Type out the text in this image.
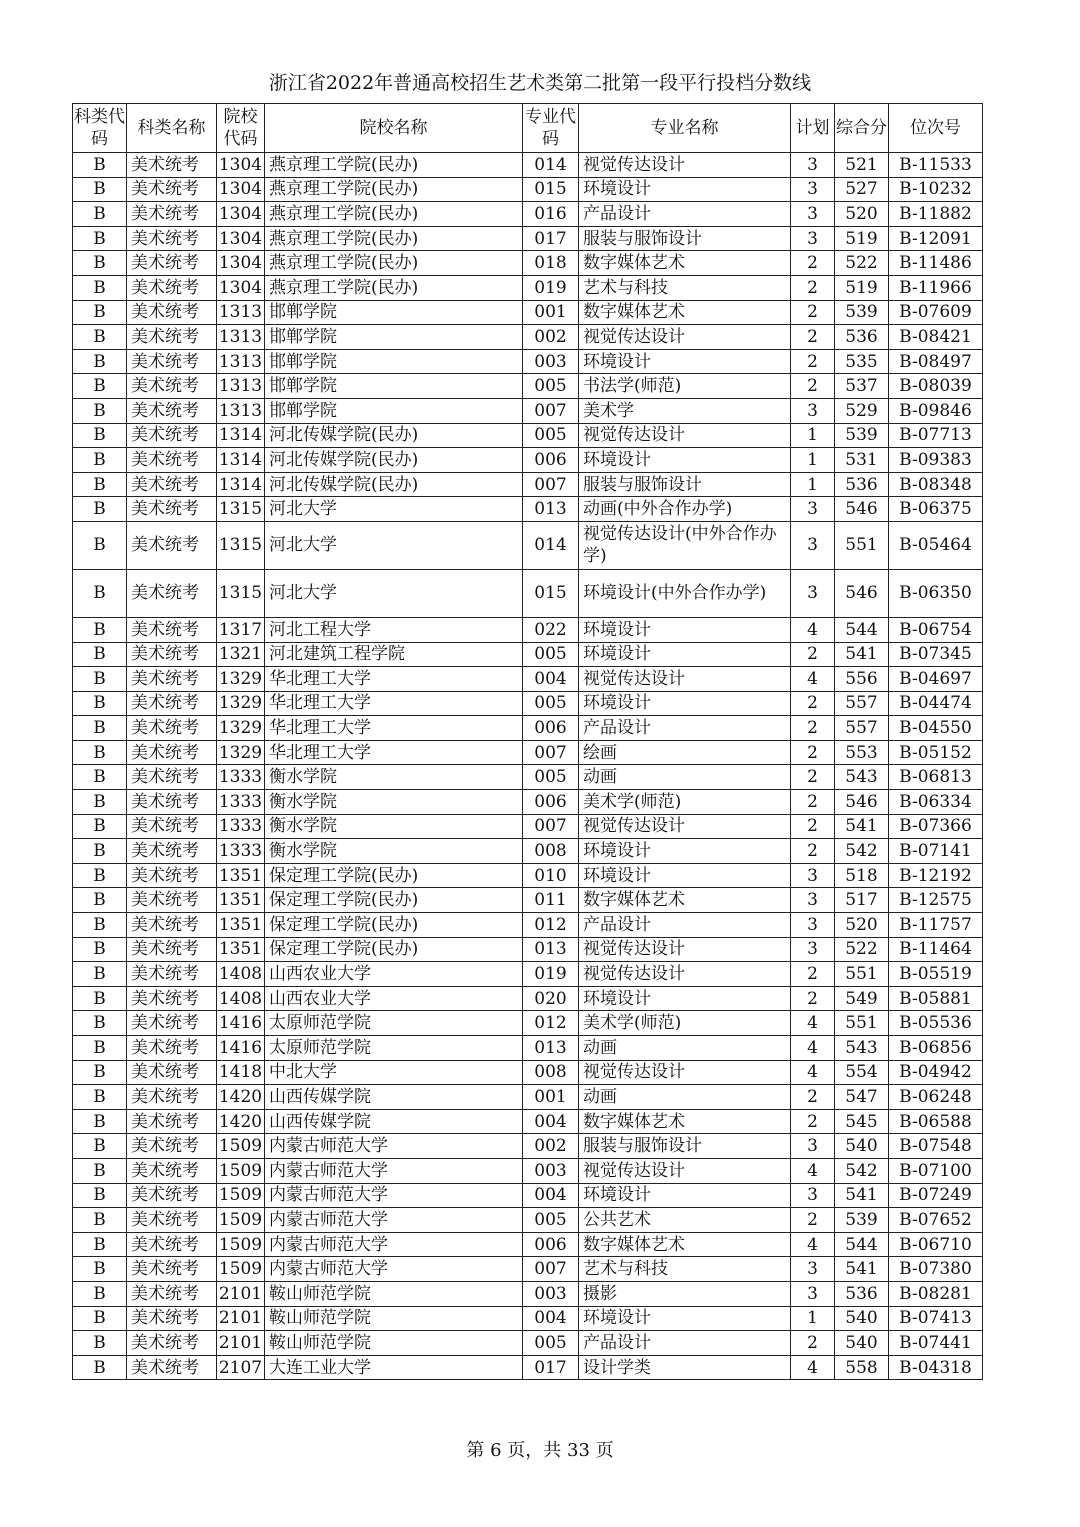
浙江省2022年普通高校招生艺术类第二批第一段平行投档分数线
科类代码	科类名称	院校代码	院校名称	专业代码	专业名称	计划	综合分	位次号
B	美术统考	1304	燕京理工学院(民办)	014	视觉传达设计	3	521	B-11533
B	美术统考	1304	燕京理工学院(民办)	015	环境设计	3	527	B-10232
B	美术统考	1304	燕京理工学院(民办)	016	产品设计	3	520	B-11882
B	美术统考	1304	燕京理工学院(民办)	017	服装与服饰设计	3	519	B-12091
B	美术统考	1304	燕京理工学院(民办)	018	数字媒体艺术	2	522	B-11486
B	美术统考	1304	燕京理工学院(民办)	019	艺术与科技	2	519	B-11966
B	美术统考	1313	邯郸学院	001	数字媒体艺术	2	539	B-07609
B	美术统考	1313	邯郸学院	002	视觉传达设计	2	536	B-08421
B	美术统考	1313	邯郸学院	003	环境设计	2	535	B-08497
B	美术统考	1313	邯郸学院	005	书法学(师范)	2	537	B-08039
B	美术统考	1313	邯郸学院	007	美术学	3	529	B-09846
B	美术统考	1314	河北传媒学院(民办)	005	视觉传达设计	1	539	B-07713
B	美术统考	1314	河北传媒学院(民办)	006	环境设计	1	531	B-09383
B	美术统考	1314	河北传媒学院(民办)	007	服装与服饰设计	1	536	B-08348
B	美术统考	1315	河北大学	013	动画(中外合作办学)	3	546	B-06375
B	美术统考	1315	河北大学	014	视觉传达设计(中外合作办学)	3	551	B-05464
B	美术统考	1315	河北大学	015	环境设计(中外合作办学)	3	546	B-06350
B	美术统考	1317	河北工程大学	022	环境设计	4	544	B-06754
B	美术统考	1321	河北建筑工程学院	005	环境设计	2	541	B-07345
B	美术统考	1329	华北理工大学	004	视觉传达设计	4	556	B-04697
B	美术统考	1329	华北理工大学	005	环境设计	2	557	B-04474
B	美术统考	1329	华北理工大学	006	产品设计	2	557	B-04550
B	美术统考	1329	华北理工大学	007	绘画	2	553	B-05152
B	美术统考	1333	衡水学院	005	动画	2	543	B-06813
B	美术统考	1333	衡水学院	006	美术学(师范)	2	546	B-06334
B	美术统考	1333	衡水学院	007	视觉传达设计	2	541	B-07366
B	美术统考	1333	衡水学院	008	环境设计	2	542	B-07141
B	美术统考	1351	保定理工学院(民办)	010	环境设计	3	518	B-12192
B	美术统考	1351	保定理工学院(民办)	011	数字媒体艺术	3	517	B-12575
B	美术统考	1351	保定理工学院(民办)	012	产品设计	3	520	B-11757
B	美术统考	1351	保定理工学院(民办)	013	视觉传达设计	3	522	B-11464
B	美术统考	1408	山西农业大学	019	视觉传达设计	2	551	B-05519
B	美术统考	1408	山西农业大学	020	环境设计	2	549	B-05881
B	美术统考	1416	太原师范学院	012	美术学(师范)	4	551	B-05536
B	美术统考	1416	太原师范学院	013	动画	4	543	B-06856
B	美术统考	1418	中北大学	008	视觉传达设计	4	554	B-04942
B	美术统考	1420	山西传媒学院	001	动画	2	547	B-06248
B	美术统考	1420	山西传媒学院	004	数字媒体艺术	2	545	B-06588
B	美术统考	1509	内蒙古师范大学	002	服装与服饰设计	3	540	B-07548
B	美术统考	1509	内蒙古师范大学	003	视觉传达设计	4	542	B-07100
B	美术统考	1509	内蒙古师范大学	004	环境设计	3	541	B-07249
B	美术统考	1509	内蒙古师范大学	005	公共艺术	2	539	B-07652
B	美术统考	1509	内蒙古师范大学	006	数字媒体艺术	4	544	B-06710
B	美术统考	1509	内蒙古师范大学	007	艺术与科技	3	541	B-07380
B	美术统考	2101	鞍山师范学院	003	摄影	3	536	B-08281
B	美术统考	2101	鞍山师范学院	004	环境设计	1	540	B-07413
B	美术统考	2101	鞍山师范学院	005	产品设计	2	540	B-07441
B	美术统考	2107	大连工业大学	017	设计学类	4	558	B-04318
第 6 页，共 33 页
